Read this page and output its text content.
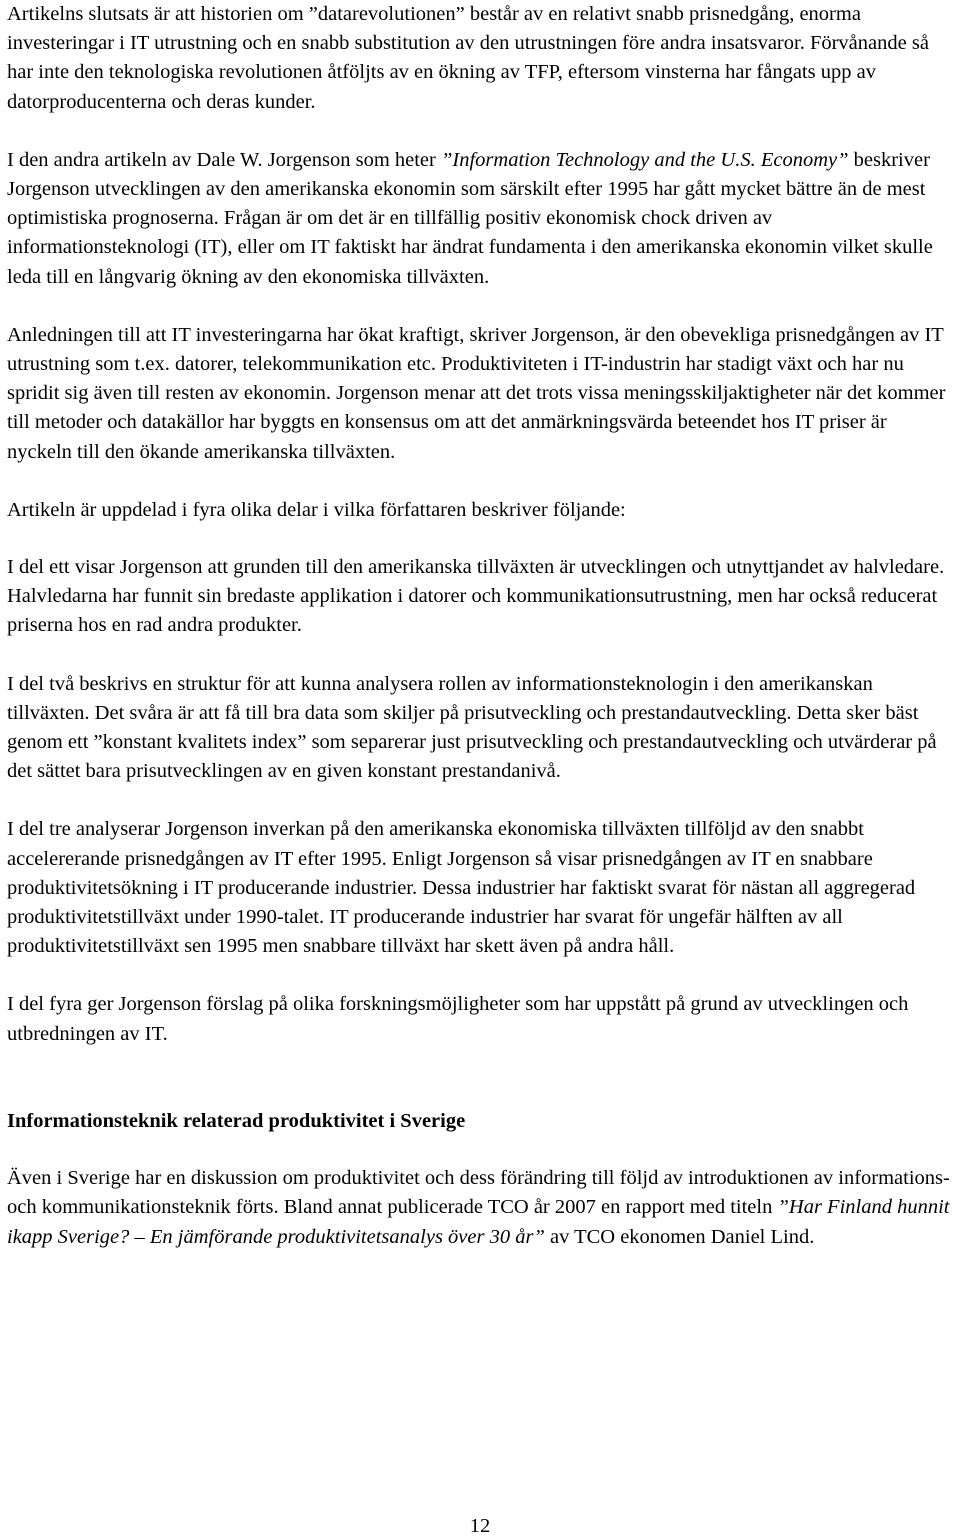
Artikelns slutsats är att historien om ”datarevolutionen” består av en relativt snabb prisnedgång, enorma investeringar i IT utrustning och en snabb substitution av den utrustningen före andra insatsvaror. Förvånande så har inte den teknologiska revolutionen åtföljts av en ökning av TFP, eftersom vinsterna har fångats upp av datorproducenterna och deras kunder.

I den andra artikeln av Dale W. Jorgenson som heter ”Information Technology and the U.S. Economy” beskriver Jorgenson utvecklingen av den amerikanska ekonomin som särskilt efter 1995 har gått mycket bättre än de mest optimistiska prognoserna. Frågan är om det är en tillfällig positiv ekonomisk chock driven av informationsteknologi (IT), eller om IT faktiskt har ändrat fundamenta i den amerikanska ekonomin vilket skulle leda till en långvarig ökning av den ekonomiska tillväxten.

Anledningen till att IT investeringarna har ökat kraftigt, skriver Jorgenson, är den obevekliga prisnedgången av IT utrustning som t.ex. datorer, telekommunikation etc. Produktiviteten i IT-industrin har stadigt växt och har nu spridit sig även till resten av ekonomin. Jorgenson menar att det trots vissa meningsskiljaktigheter när det kommer till metoder och datakällor har byggts en konsensus om att det anmärkningsvärda beteendet hos IT priser är nyckeln till den ökande amerikanska tillväxten.

Artikeln är uppdelad i fyra olika delar i vilka författaren beskriver följande:

I del ett visar Jorgenson att grunden till den amerikanska tillväxten är utvecklingen och utnyttjandet av halvledare. Halvledarna har funnit sin bredaste applikation i datorer och kommunikationsutrustning, men har också reducerat priserna hos en rad andra produkter.

I del två beskrivs en struktur för att kunna analysera rollen av informationsteknologin i den amerikanskan tillväxten. Det svåra är att få till bra data som skiljer på prisutveckling och prestandautveckling. Detta sker bäst genom ett ”konstant kvalitets index” som separerar just prisutveckling och prestandautveckling och utvärderar på det sättet bara prisutvecklingen av en given konstant prestandanivå.

I del tre analyserar Jorgenson inverkan på den amerikanska ekonomiska tillväxten tillföljd av den snabbt accelererande prisnedgången av IT efter 1995. Enligt Jorgenson så visar prisnedgången av IT en snabbare produktivitetsökning i IT producerande industrier. Dessa industrier har faktiskt svarat för nästan all aggregerad produktivitetstillväxt under 1990-talet. IT producerande industrier har svarat för ungefär hälften av all produktivitetstillväxt sen 1995 men snabbare tillväxt har skett även på andra håll.

I del fyra ger Jorgenson förslag på olika forskningsmöjligheter som har uppstått på grund av utvecklingen och utbredningen av IT.

Informationsteknik relaterad produktivitet i Sverige

Även i Sverige har en diskussion om produktivitet och dess förändring till följd av introduktionen av informations- och kommunikationsteknik förts. Bland annat publicerade TCO år 2007 en rapport med titeln ”Har Finland hunnit ikapp Sverige? – En jämförande produktivitetsanalys över 30 år” av TCO ekonomen Daniel Lind.

12
